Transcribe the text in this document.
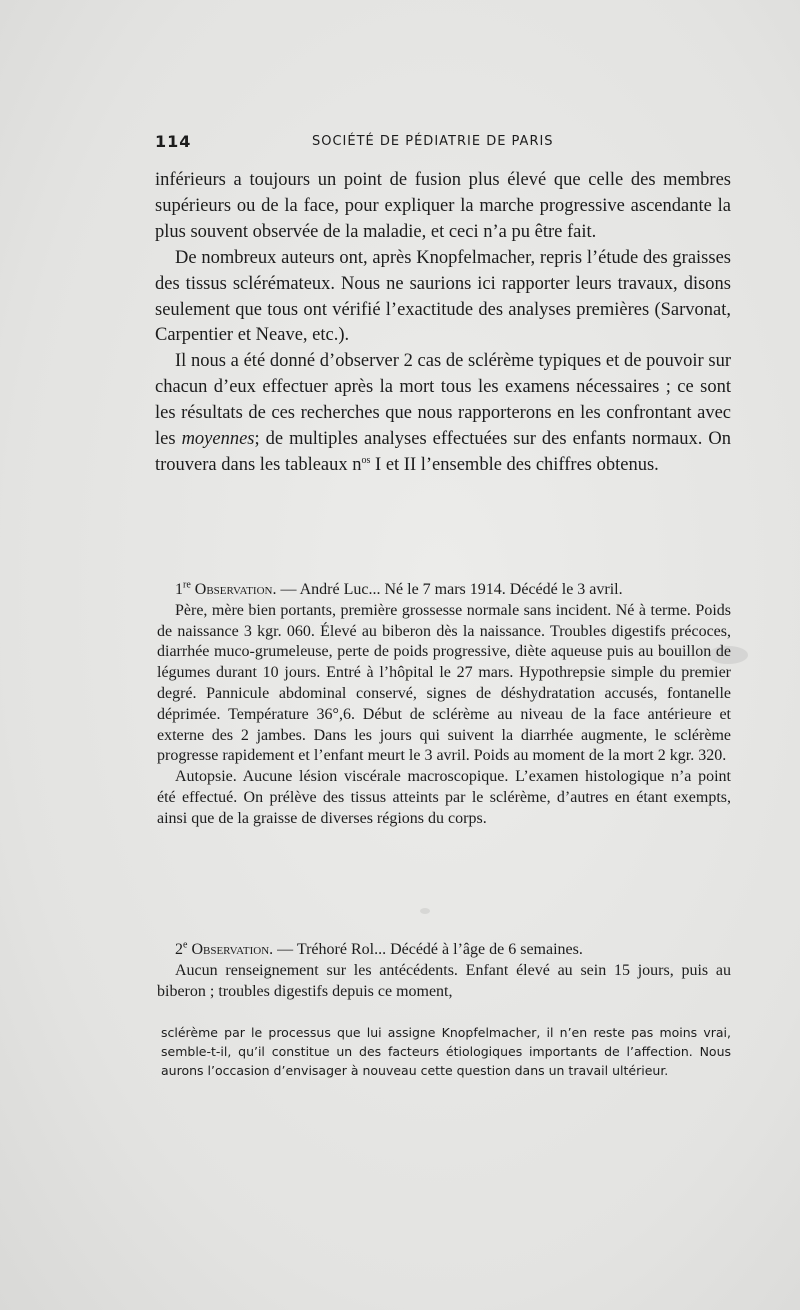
114	SOCIÉTÉ DE PÉDIATRIE DE PARIS

inférieurs a toujours un point de fusion plus élevé que celle des membres supérieurs ou de la face, pour expliquer la marche progressive ascendante la plus souvent observée de la maladie, et ceci n’a pu être fait.

De nombreux auteurs ont, après Knopfelmacher, repris l’étude des graisses des tissus sclérémateux. Nous ne saurions ici rapporter leurs travaux, disons seulement que tous ont vérifié l’exactitude des analyses premières (Sarvonat, Carpentier et Neave, etc.).

Il nous a été donné d’observer 2 cas de sclérème typiques et de pouvoir sur chacun d’eux effectuer après la mort tous les examens nécessaires ; ce sont les résultats de ces recherches que nous rapporterons en les confrontant avec les moyennes; de multiples analyses effectuées sur des enfants normaux. On trouvera dans les tableaux $n^{os}$ I et II l’ensemble des chiffres obtenus.

1re Observation. — André Luc... Né le 7 mars 1914. Décédé le 3 avril.

Père, mère bien portants, première grossesse normale sans incident. Né à terme. Poids de naissance 3 kgr. 060. Élevé au biberon dès la naissance. Troubles digestifs précoces, diarrhée muco-grumeleuse, perte de poids progressive, diète aqueuse puis au bouillon de légumes durant 10 jours. Entré à l’hôpital le 27 mars. Hypothrepsie simple du premier degré. Pannicule abdominal conservé, signes de déshydratation accusés, fontanelle déprimée. Température 36°,6. Début de sclérème au niveau de la face antérieure et externe des 2 jambes. Dans les jours qui suivent la diarrhée augmente, le sclérème progresse rapidement et l’enfant meurt le 3 avril. Poids au moment de la mort 2 kgr. 320.

Autopsie. Aucune lésion viscérale macroscopique. L’examen histologique n’a point été effectué. On prélève des tissus atteints par le sclérème, d’autres en étant exempts, ainsi que de la graisse de diverses régions du corps.

2e Observation. — Tréhoré Rol... Décédé à l’âge de 6 semaines.

Aucun renseignement sur les antécédents. Enfant élevé au sein 15 jours, puis au biberon ; troubles digestifs depuis ce moment,

sclérème par le processus que lui assigne Knopfelmacher, il n’en reste pas moins vrai, semble-t-il, qu’il constitue un des facteurs étiologiques importants de l’affection. Nous aurons l’occasion d’envisager à nouveau cette question dans un travail ultérieur.
